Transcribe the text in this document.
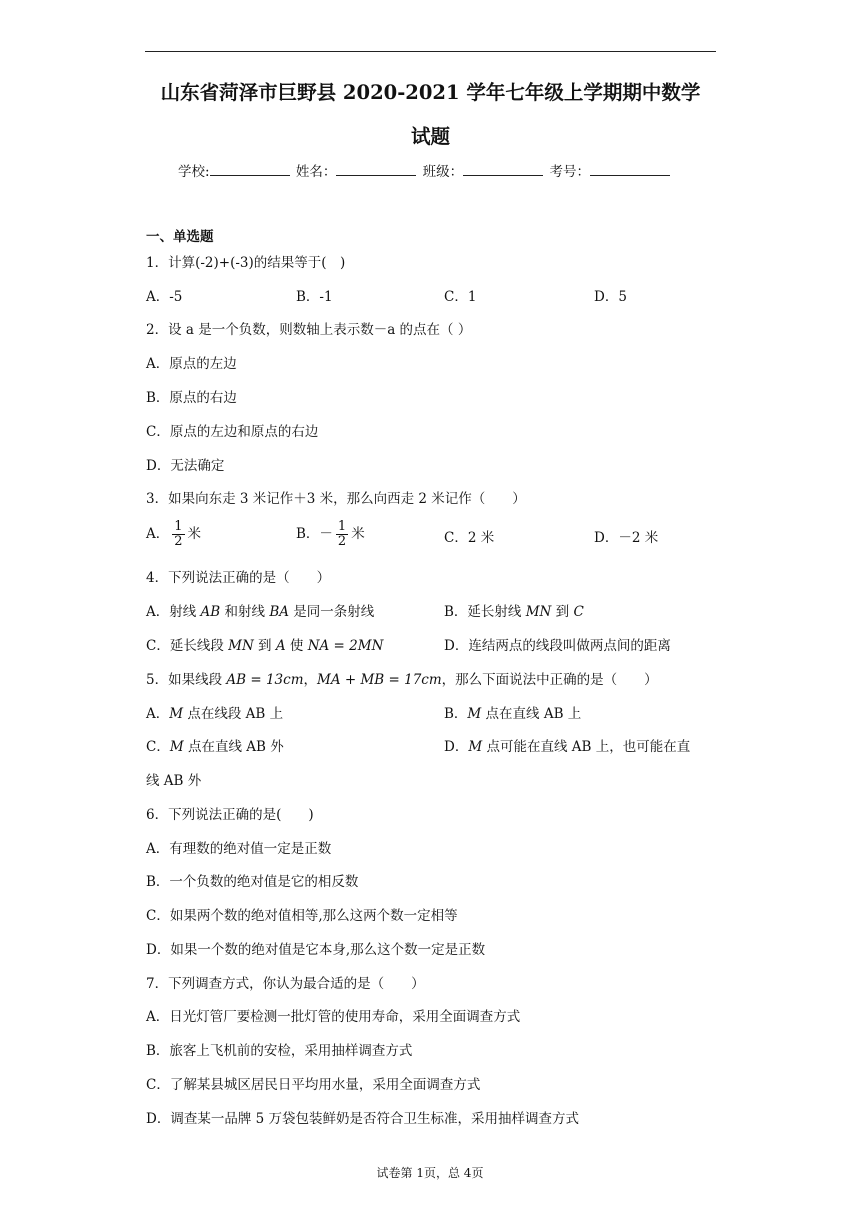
山东省菏泽市巨野县 2020-2021 学年七年级上学期期中数学
试题
学校:	姓名：	班级：	考号：
一、单选题
1．计算(-2)+(-3)的结果等于(　)
A．-5	B．-1	C．1	D．5
2．设 a 是一个负数，则数轴上表示数－a 的点在（ ）
A．原点的左边
B．原点的右边
C．原点的左边和原点的右边
D．无法确定
3．如果向东走 3 米记作＋3 米，那么向西走 2 米记作（　　）
A． $\frac{1}{2}$ 米	B．－ $\frac{1}{2}$ 米	C．2 米	D．－2 米
4．下列说法正确的是（　　）
A．射线 AB 和射线 BA 是同一条射线	B．延长射线 MN 到 C
C．延长线段 MN 到 A 使 NA = 2MN	D．连结两点的线段叫做两点间的距离
5．如果线段 AB = 13cm，MA + MB = 17cm，那么下面说法中正确的是（　　）
A．M 点在线段 AB 上	B．M 点在直线 AB 上
C．M 点在直线 AB 外	D．M 点可能在直线 AB 上，也可能在直
线 AB 外
6．下列说法正确的是(　　)
A．有理数的绝对值一定是正数
B．一个负数的绝对值是它的相反数
C．如果两个数的绝对值相等,那么这两个数一定相等
D．如果一个数的绝对值是它本身,那么这个数一定是正数
7．下列调查方式，你认为最合适的是（　　）
A．日光灯管厂要检测一批灯管的使用寿命，采用全面调查方式
B．旅客上飞机前的安检，采用抽样调查方式
C．了解某县城区居民日平均用水量，采用全面调查方式
D．调查某一品牌 5 万袋包装鲜奶是否符合卫生标准，采用抽样调查方式
试卷第 1页，总 4页
